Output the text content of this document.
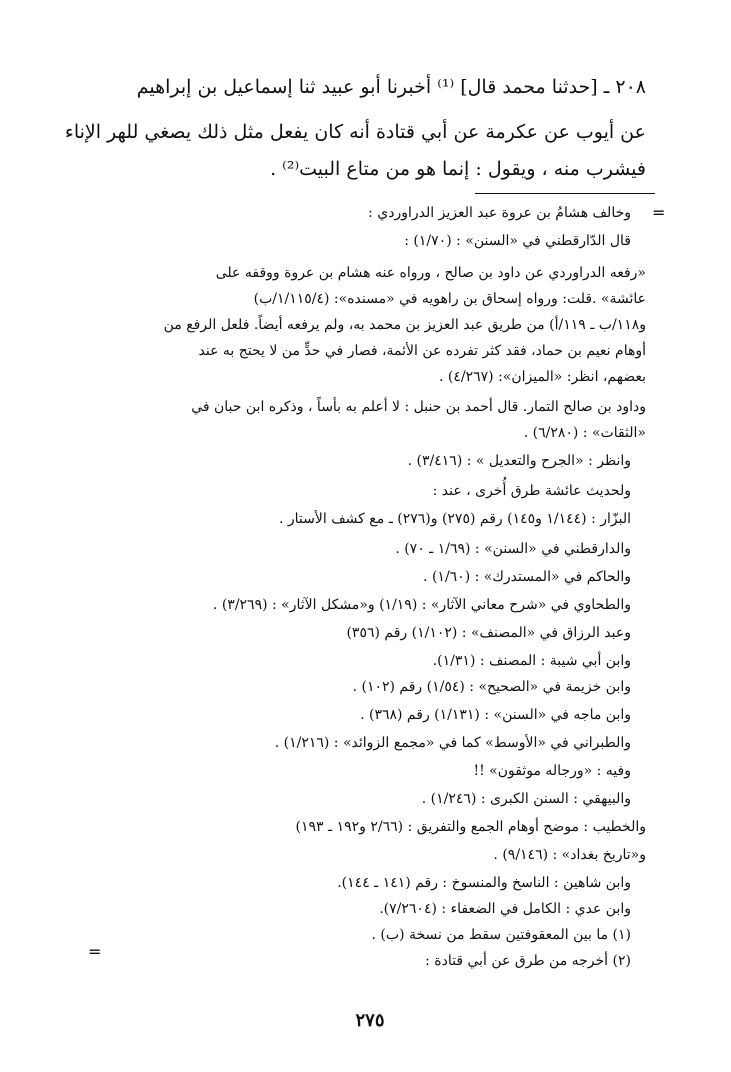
٢٠٨ ـ [حدثنا محمد قال] ⁽¹⁾ أخبرنا أبو عبيد ثنا إسماعيل بن إبراهيم
عن أيوب عن عكرمة عن أبي قتادة أنه كان يفعل مثل ذلك يصغي للهر الإناء
فيشرب منه ، ويقول : إنما هو من متاع البيت⁽²⁾ .
=
=
وخالف هشامُ بن عروة عبد العزيز الدراوردي :
قال الدّارقطني في «السنن» : (١/٧٠) :
«رفعه الدراوردي عن داود بن صالح ، ورواه عنه هشام بن عروة ووقفه على
عائشة» .قلت: ورواه إسحاق بن راهويه في «مسنده»: (١/١١٥/٤/ب)
و١١٨/ب ـ ١١٩/أ) من طريق عبد العزيز بن محمد به، ولم يرفعه أيضاً. فلعل الرفع من
أوهام نعيم بن حماد، فقد كثر تفرده عن الأئمة، فصار في حدٍّ من لا يحتج به عند
بعضهم، انظر: «الميزان»: (٤/٢٦٧) .
وداود بن صالح التمار. قال أحمد بن حنبل : لا أعلم به بأساً ، وذكره ابن حبان في
«الثقات» : (٦/٢٨٠) .
وانظر : «الجرح والتعديل » : (٣/٤١٦) .
ولحديث عائشة طرق أُخرى ، عند :
البزّار : (١/١٤٤ و١٤٥) رقم (٢٧٥) و(٢٧٦) ـ مع كشف الأستار .
والدارقطني في «السنن» : (١/٦٩ ـ ٧٠) .
والحاكم في «المستدرك» : (١/٦٠) .
والطحاوي في «شرح معاني الآثار» : (١/١٩) و«مشكل الآثار» : (٣/٢٦٩) .
وعبد الرزاق في «المصنف» : (١/١٠٢) رقم (٣٥٦)
وابن أبي شيبة : المصنف : (١/٣١).
وابن خزيمة في «الصحيح» : (١/٥٤) رقم (١٠٢) .
وابن ماجه في «السنن» : (١/١٣١) رقم (٣٦٨) .
والطبراني في «الأوسط» كما في «مجمع الزوائد» : (١/٢١٦) .
وفيه : «ورجاله موثقون» !!
والبيهقي : السنن الكبرى : (١/٢٤٦) .
والخطيب : موضح أوهام الجمع والتفريق : (٢/٦٦ و١٩٢ ـ ١٩٣)
و«تاريخ بغداد» : (٩/١٤٦) .
وابن شاهين : الناسخ والمنسوخ : رقم (١٤١ ـ ١٤٤).
وابن عدي : الكامل في الضعفاء : (٧/٢٦٠٤).
(١) ما بين المعقوفتين سقط من نسخة (ب) .
(٢) أخرجه من طرق عن أبي قتادة :
٢٧٥
